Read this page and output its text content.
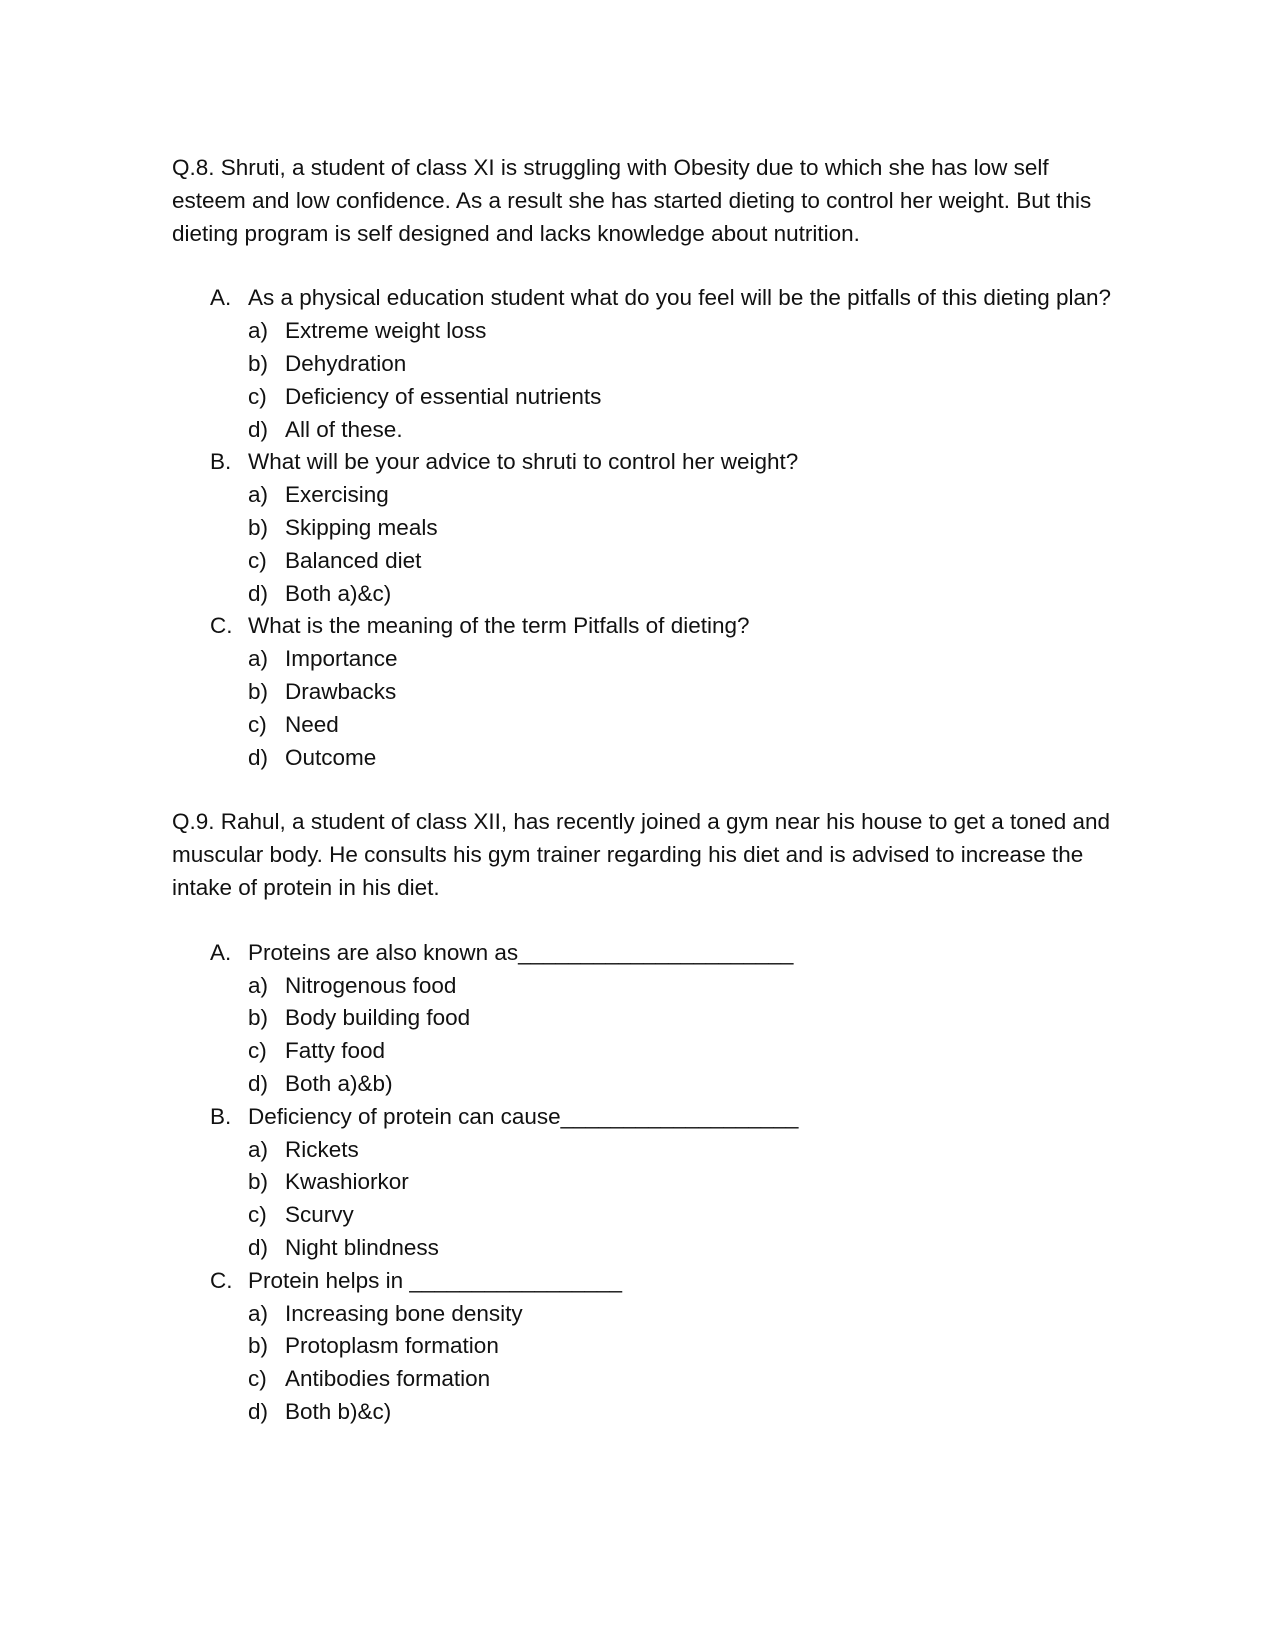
Q.8. Shruti, a student of class XI is struggling with Obesity due to which she has low self esteem and low confidence. As a result she has started dieting to control her weight. But this dieting program is self designed and lacks knowledge about nutrition.

A. As a physical education student what do you feel will be the pitfalls of this dieting plan?
a) Extreme weight loss
b) Dehydration
c) Deficiency of essential nutrients
d) All of these.
B. What will be your advice to shruti to control her weight?
a) Exercising
b) Skipping meals
c) Balanced diet
d) Both a)&c)
C. What is the meaning of the term Pitfalls of dieting?
a) Importance
b) Drawbacks
c) Need
d) Outcome

Q.9. Rahul, a student of class XII, has recently joined a gym near his house to get a toned and muscular body. He consults his gym trainer regarding his diet and is advised to increase the intake of protein in his diet.

A. Proteins are also known as______________________
a) Nitrogenous food
b) Body building food
c) Fatty food
d) Both a)&b)
B. Deficiency of protein can cause___________________
a) Rickets
b) Kwashiorkor
c) Scurvy
d) Night blindness
C. Protein helps in _________________
a) Increasing bone density
b) Protoplasm formation
c) Antibodies formation
d) Both b)&c)
